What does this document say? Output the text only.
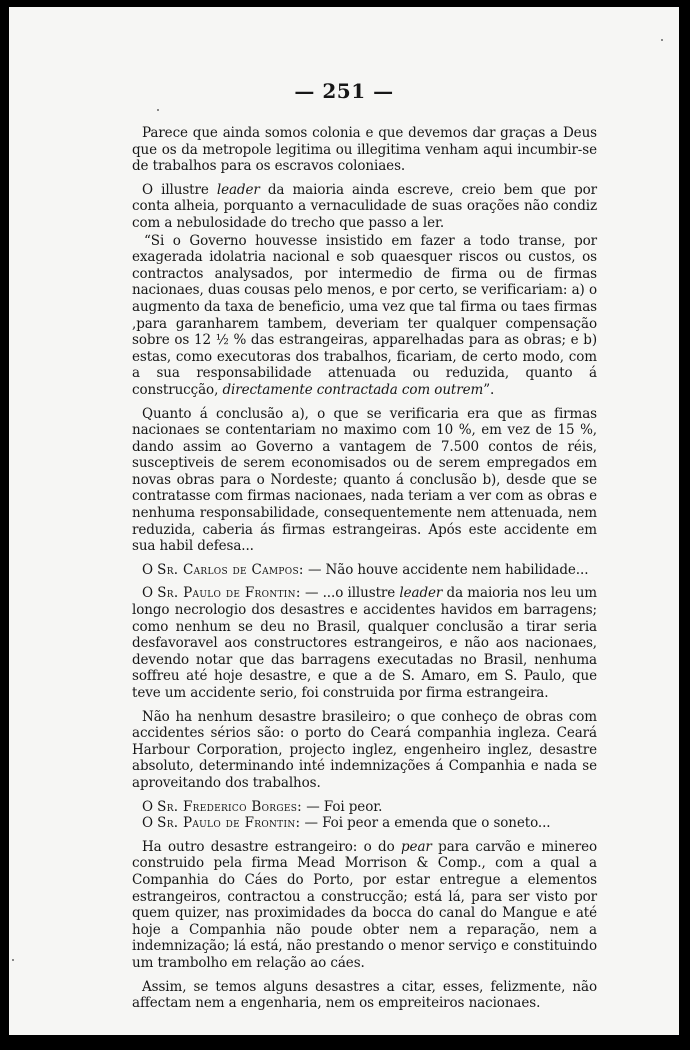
— 251 —

Parece que ainda somos colonia e que devemos dar graças a Deus que os da metropole legitima ou illegitima venham aqui incumbir-se de trabalhos para os escravos coloniaes.

O illustre leader da maioria ainda escreve, creio bem que por conta alheia, porquanto a vernaculidade de suas orações não condiz com a nebulosidade do trecho que passo a ler.

“Si o Governo houvesse insistido em fazer a todo transe, por exagerada idolatria nacional e sob quaesquer riscos ou custos, os contractos analysados, por intermedio de firma ou de firmas nacionaes, duas cousas pelo menos, e por certo, se verificariam: a) o augmento da taxa de beneficio, uma vez que tal firma ou taes firmas ,para garanharem tambem, deveriam ter qualquer compensação sobre os 12 ½ % das estrangeiras, apparelhadas para as obras; e b) estas, como executoras dos trabalhos, ficariam, de certo modo, com a sua responsabilidade attenuada ou reduzida, quanto á construcção, directamente contractada com outrem”.

Quanto á conclusão a), o que se verificaria era que as firmas nacionaes se contentariam no maximo com 10 %, em vez de 15 %, dando assim ao Governo a vantagem de 7.500 contos de réis, susceptiveis de serem economisados ou de serem empregados em novas obras para o Nordeste; quanto á conclusão b), desde que se contratasse com firmas nacionaes, nada teriam a ver com as obras e nenhuma responsabilidade, consequentemente nem attenuada, nem reduzida, caberia ás firmas estrangeiras. Após este accidente em sua habil defesa...

O Sr. Carlos de Campos: — Não houve accidente nem habilidade...

O Sr. Paulo de Frontin: — ...o illustre leader da maioria nos leu um longo necrologio dos desastres e accidentes havidos em barragens; como nenhum se deu no Brasil, qualquer conclusão a tirar seria desfavoravel aos constructores estrangeiros, e não aos nacionaes, devendo notar que das barragens executadas no Brasil, nenhuma soffreu até hoje desastre, e que a de S. Amaro, em S. Paulo, que teve um accidente serio, foi construida por firma estrangeira.

Não ha nenhum desastre brasileiro; o que conheço de obras com accidentes sérios são: o porto do Ceará companhia ingleza. Ceará Harbour Corporation, projecto inglez, engenheiro inglez, desastre absoluto, determinando inté indemnizações á Companhia e nada se aproveitando dos trabalhos.

O Sr. Frederico Borges: — Foi peor.

O Sr. Paulo de Frontin: — Foi peor a emenda que o soneto...

Ha outro desastre estrangeiro: o do pear para carvão e minereo construido pela firma Mead Morrison & Comp., com a qual a Companhia do Cáes do Porto, por estar entregue a elementos estrangeiros, contractou a construcção; está lá, para ser visto por quem quizer, nas proximidades da bocca do canal do Mangue e até hoje a Companhia não poude obter nem a reparação, nem a indemnização; lá está, não prestando o menor serviço e constituindo um trambolho em relação ao cáes.

Assim, se temos alguns desastres a citar, esses, felizmente, não affectam nem a engenharia, nem os empreiteiros nacionaes.
